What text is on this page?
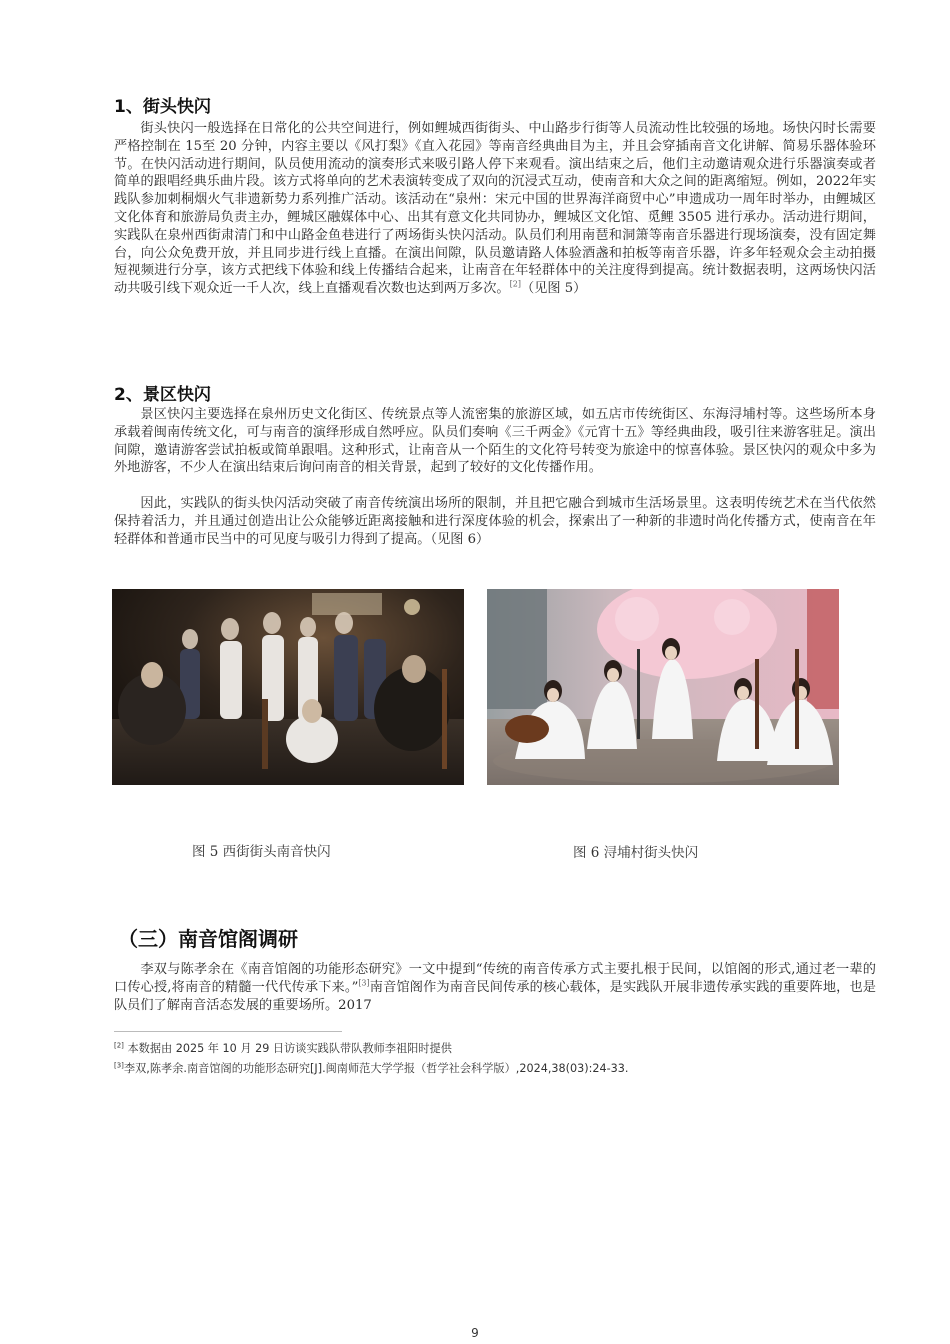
1、街头快闪

街头快闪一般选择在日常化的公共空间进行，例如鲤城西街街头、中山路步行街等人员流动性比较强的场地。场快闪时长需要严格控制在 15至 20 分钟，内容主要以《风打梨》《直入花园》等南音经典曲目为主，并且会穿插南音文化讲解、简易乐器体验环节。在快闪活动进行期间，队员使用流动的演奏形式来吸引路人停下来观看。演出结束之后，他们主动邀请观众进行乐器演奏或者简单的跟唱经典乐曲片段。该方式将单向的艺术表演转变成了双向的沉浸式互动，使南音和大众之间的距离缩短。例如，2022年实践队参加刺桐烟火气非遗新势力系列推广活动。该活动在“泉州：宋元中国的世界海洋商贸中心”申遗成功一周年时举办，由鲤城区文化体育和旅游局负责主办，鲤城区融媒体中心、出其有意文化共同协办，鲤城区文化馆、觅鲤 3505 进行承办。活动进行期间，实践队在泉州西街肃清门和中山路金鱼巷进行了两场街头快闪活动。队员们利用南琶和洞箫等南音乐器进行现场演奏，没有固定舞台，向公众免费开放，并且同步进行线上直播。在演出间隙，队员邀请路人体验酒盏和拍板等南音乐器，许多年轻观众会主动拍摄短视频进行分享，该方式把线下体验和线上传播结合起来，让南音在年轻群体中的关注度得到提高。统计数据表明，这两场快闪活动共吸引线下观众近一千人次，线上直播观看次数也达到两万多次。[2]（见图 5）

2、景区快闪

景区快闪主要选择在泉州历史文化街区、传统景点等人流密集的旅游区域，如五店市传统街区、东海浔埔村等。这些场所本身承载着闽南传统文化，可与南音的演绎形成自然呼应。队员们奏响《三千两金》《元宵十五》等经典曲段，吸引往来游客驻足。演出间隙，邀请游客尝试拍板或简单跟唱。这种形式，让南音从一个陌生的文化符号转变为旅途中的惊喜体验。景区快闪的观众中多为外地游客，不少人在演出结束后询问南音的相关背景，起到了较好的文化传播作用。

因此，实践队的街头快闪活动突破了南音传统演出场所的限制，并且把它融合到城市生活场景里。这表明传统艺术在当代依然保持着活力，并且通过创造出让公众能够近距离接触和进行深度体验的机会，探索出了一种新的非遗时尚化传播方式，使南音在年轻群体和普通市民当中的可见度与吸引力得到了提高。（见图 6）

图 5 西街街头南音快闪	图 6 浔埔村街头快闪

（三）南音馆阁调研

李双与陈孝余在《南音馆阁的功能形态研究》一文中提到“传统的南音传承方式主要扎根于民间，以馆阁的形式,通过老一辈的口传心授,将南音的精髓一代代传承下来。”[3]南音馆阁作为南音民间传承的核心载体，是实践队开展非遗传承实践的重要阵地，也是队员们了解南音活态发展的重要场所。2017

[2] 本数据由 2025 年 10 月 29 日访谈实践队带队教师李祖阳时提供

[3]李双,陈孝余.南音馆阁的功能形态研究[J].闽南师范大学学报（哲学社会科学版）,2024,38(03):24-33.

9
